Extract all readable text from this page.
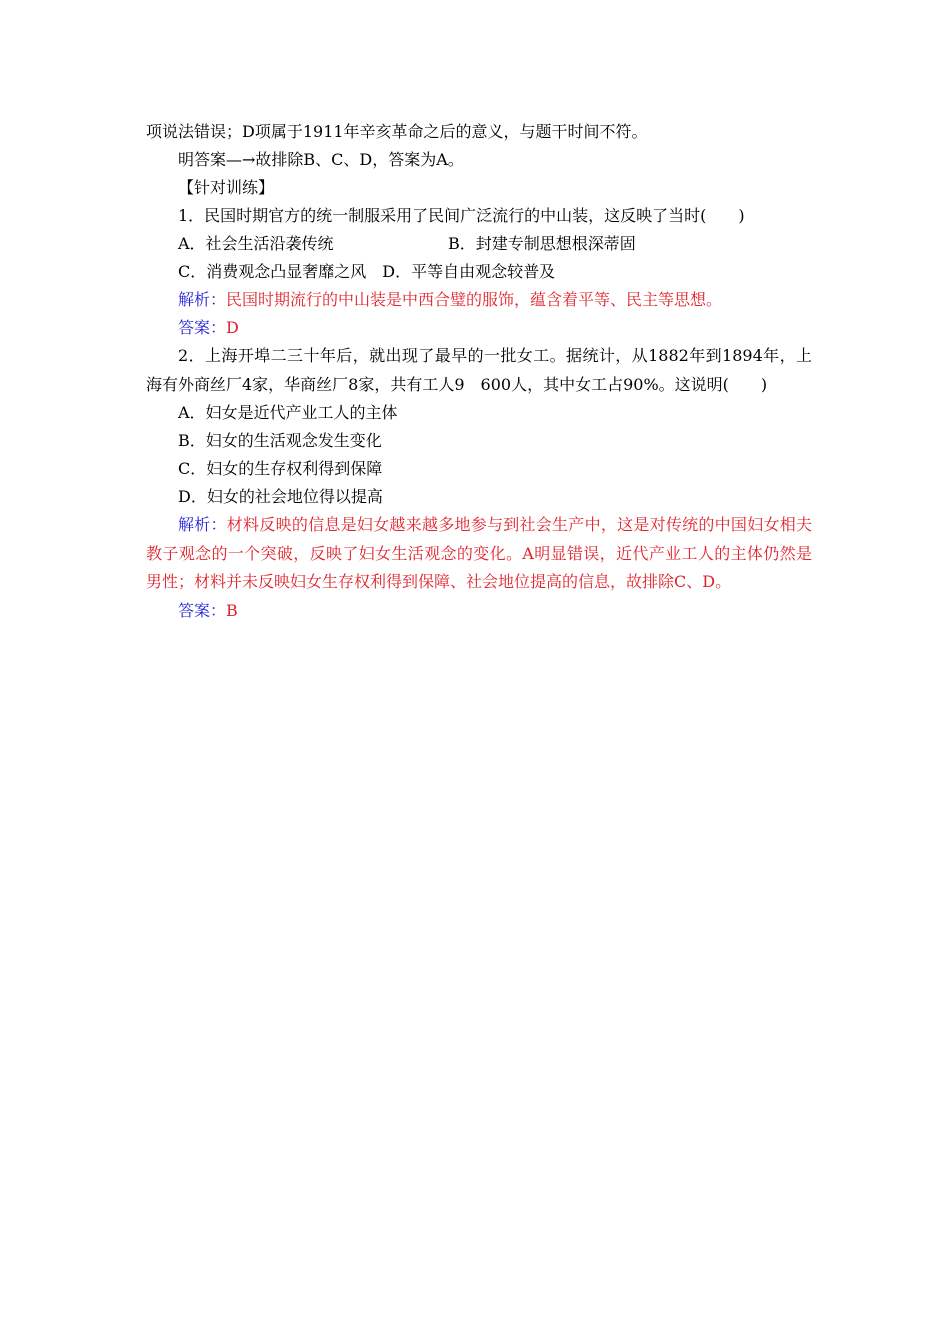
项说法错误；D项属于1911年辛亥革命之后的意义，与题干时间不符。
明答案—→故排除B、C、D，答案为A。
【针对训练】
1．民国时期官方的统一制服采用了民间广泛流行的中山装，这反映了当时(　　)
A．社会生活沿袭传统	B．封建专制思想根深蒂固
C．消费观念凸显奢靡之风 D．平等自由观念较普及
解析：民国时期流行的中山装是中西合璧的服饰，蕴含着平等、民主等思想。
答案：D
2．上海开埠二三十年后，就出现了最早的一批女工。据统计，从1882年到1894年，上海有外商丝厂4家，华商丝厂8家，共有工人9　600人，其中女工占90%。这说明(　　)
A．妇女是近代产业工人的主体
B．妇女的生活观念发生变化
C．妇女的生存权利得到保障
D．妇女的社会地位得以提高
解析：材料反映的信息是妇女越来越多地参与到社会生产中，这是对传统的中国妇女相夫教子观念的一个突破，反映了妇女生活观念的变化。A明显错误，近代产业工人的主体仍然是男性；材料并未反映妇女生存权利得到保障、社会地位提高的信息，故排除C、D。
答案：B
